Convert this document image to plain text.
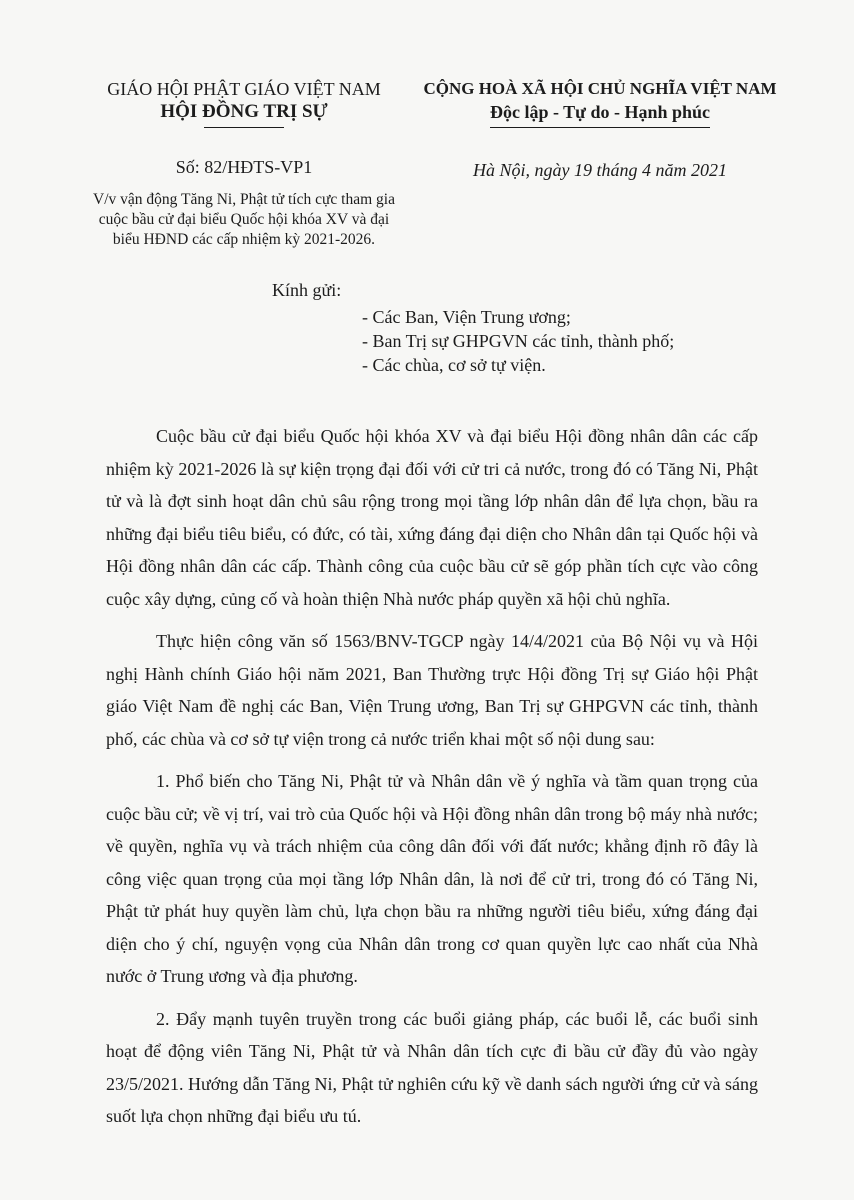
GIÁO HỘI PHẬT GIÁO VIỆT NAM
HỘI ĐỒNG TRỊ SỰ
Số: 82/HĐTS-VP1
V/v vận động Tăng Ni, Phật tử tích cực tham gia cuộc bầu cử đại biểu Quốc hội khóa XV và đại biểu HĐND các cấp nhiệm kỳ 2021-2026.
CỘNG HOÀ XÃ HỘI CHỦ NGHĨA VIỆT NAM
Độc lập - Tự do - Hạnh phúc
Hà Nội, ngày 19 tháng 4 năm 2021
Kính gửi:
- Các Ban, Viện Trung ương;
- Ban Trị sự GHPGVN các tỉnh, thành phố;
- Các chùa, cơ sở tự viện.

Cuộc bầu cử đại biểu Quốc hội khóa XV và đại biểu Hội đồng nhân dân các cấp nhiệm kỳ 2021-2026 là sự kiện trọng đại đối với cử tri cả nước, trong đó có Tăng Ni, Phật tử và là đợt sinh hoạt dân chủ sâu rộng trong mọi tầng lớp nhân dân để lựa chọn, bầu ra những đại biểu tiêu biểu, có đức, có tài, xứng đáng đại diện cho Nhân dân tại Quốc hội và Hội đồng nhân dân các cấp. Thành công của cuộc bầu cử sẽ góp phần tích cực vào công cuộc xây dựng, củng cố và hoàn thiện Nhà nước pháp quyền xã hội chủ nghĩa.

Thực hiện công văn số 1563/BNV-TGCP ngày 14/4/2021 của Bộ Nội vụ và Hội nghị Hành chính Giáo hội năm 2021, Ban Thường trực Hội đồng Trị sự Giáo hội Phật giáo Việt Nam đề nghị các Ban, Viện Trung ương, Ban Trị sự GHPGVN các tỉnh, thành phố, các chùa và cơ sở tự viện trong cả nước triển khai một số nội dung sau:

1. Phổ biến cho Tăng Ni, Phật tử và Nhân dân về ý nghĩa và tầm quan trọng của cuộc bầu cử; về vị trí, vai trò của Quốc hội và Hội đồng nhân dân trong bộ máy nhà nước; về quyền, nghĩa vụ và trách nhiệm của công dân đối với đất nước; khẳng định rõ đây là công việc quan trọng của mọi tầng lớp Nhân dân, là nơi để cử tri, trong đó có Tăng Ni, Phật tử phát huy quyền làm chủ, lựa chọn bầu ra những người tiêu biểu, xứng đáng đại diện cho ý chí, nguyện vọng của Nhân dân trong cơ quan quyền lực cao nhất của Nhà nước ở Trung ương và địa phương.

2. Đẩy mạnh tuyên truyền trong các buổi giảng pháp, các buổi lễ, các buổi sinh hoạt để động viên Tăng Ni, Phật tử và Nhân dân tích cực đi bầu cử đầy đủ vào ngày 23/5/2021. Hướng dẫn Tăng Ni, Phật tử nghiên cứu kỹ về danh sách người ứng cử và sáng suốt lựa chọn những đại biểu ưu tú.
